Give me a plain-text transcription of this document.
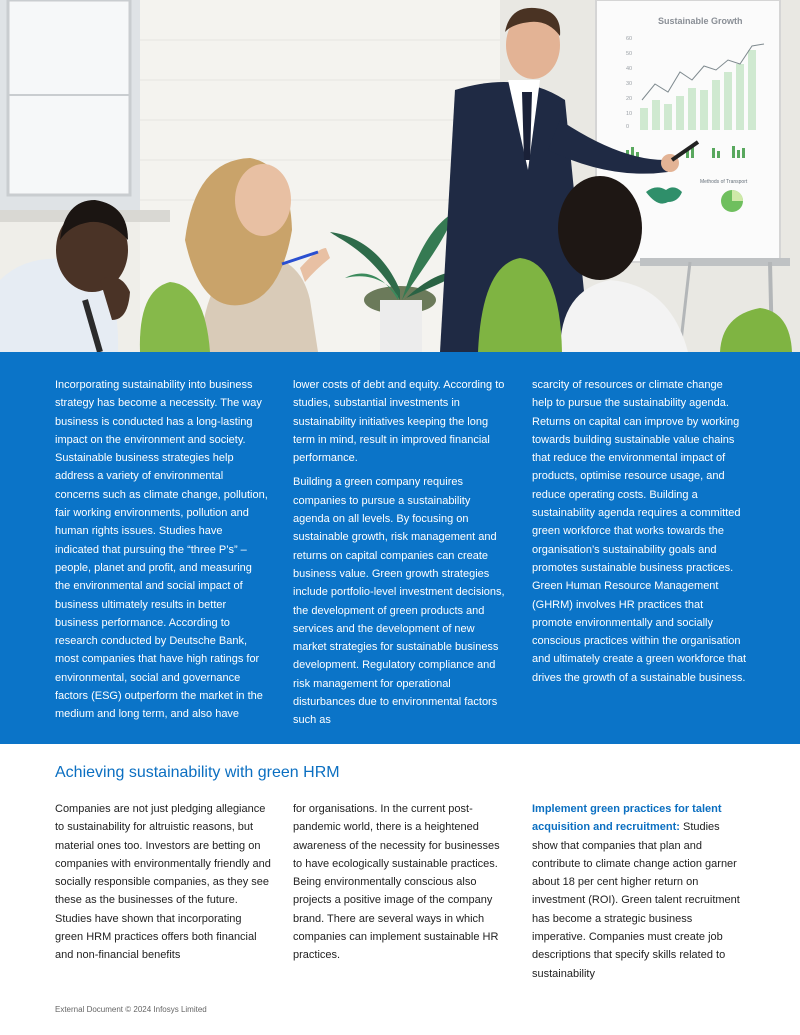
Sustainable Growth
60
50
40
30
20
10
0
Methods of Transport

Incorporating sustainability into business strategy has become a necessity. The way business is conducted has a long-lasting impact on the environment and society. Sustainable business strategies help address a variety of environmental concerns such as climate change, pollution, fair working environments, pollution and human rights issues. Studies have indicated that pursuing the “three P’s” – people, planet and profit, and measuring the environmental and social impact of business ultimately results in better business performance. According to research conducted by Deutsche Bank, most companies that have high ratings for environmental, social and governance factors (ESG) outperform the market in the medium and long term, and also have

lower costs of debt and equity. According to studies, substantial investments in sustainability initiatives keeping the long term in mind, result in improved financial performance.

Building a green company requires companies to pursue a sustainability agenda on all levels. By focusing on sustainable growth, risk management and returns on capital companies can create business value. Green growth strategies include portfolio-level investment decisions, the development of green products and services and the development of new market strategies for sustainable business development. Regulatory compliance and risk management for operational disturbances due to environmental factors such as

scarcity of resources or climate change help to pursue the sustainability agenda. Returns on capital can improve by working towards building sustainable value chains that reduce the environmental impact of products, optimise resource usage, and reduce operating costs. Building a sustainability agenda requires a committed green workforce that works towards the organisation’s sustainability goals and promotes sustainable business practices. Green Human Resource Management (GHRM) involves HR practices that promote environmentally and socially conscious practices within the organisation and ultimately create a green workforce that drives the growth of a sustainable business.

Achieving sustainability with green HRM

Companies are not just pledging allegiance to sustainability for altruistic reasons, but material ones too. Investors are betting on companies with environmentally friendly and socially responsible companies, as they see these as the businesses of the future. Studies have shown that incorporating green HRM practices offers both financial and non-financial benefits

for organisations. In the current post-pandemic world, there is a heightened awareness of the necessity for businesses to have ecologically sustainable practices. Being environmentally conscious also projects a positive image of the company brand. There are several ways in which companies can implement sustainable HR practices.

Implement green practices for talent acquisition and recruitment: Studies show that companies that plan and contribute to climate change action garner about 18 per cent higher return on investment (ROI). Green talent recruitment has become a strategic business imperative. Companies must create job descriptions that specify skills related to sustainability

External Document © 2024 Infosys Limited
